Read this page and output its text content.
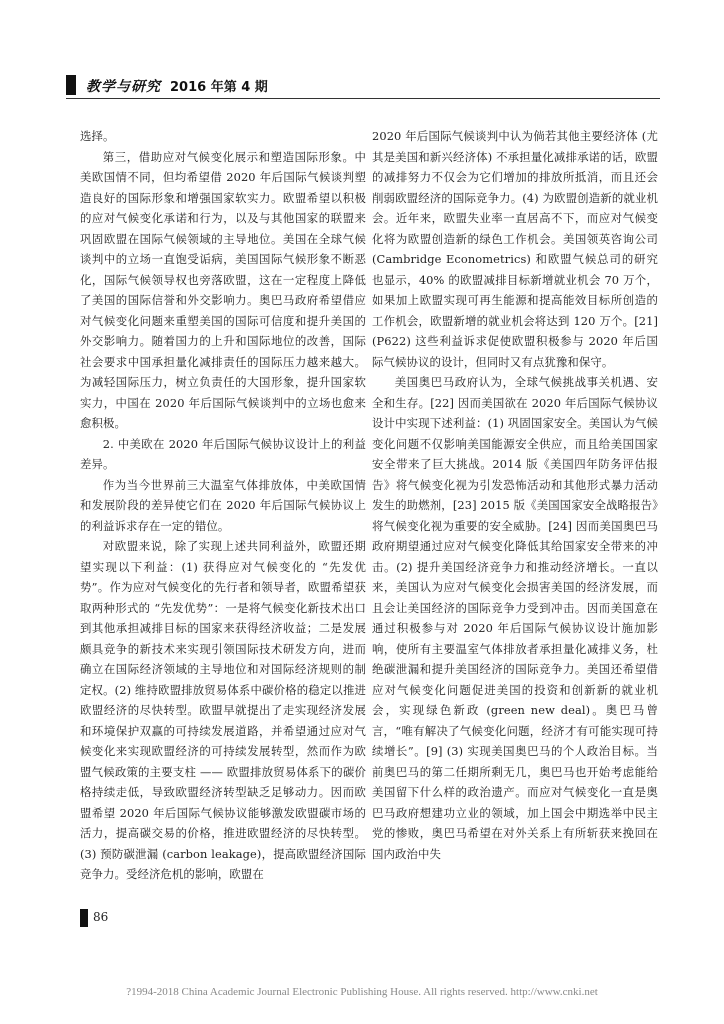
教学与研究 2016 年第 4 期

选择。

第三，借助应对气候变化展示和塑造国际形象。中美欧国情不同，但均希望借 2020 年后国际气候谈判塑造良好的国际形象和增强国家软实力。欧盟希望以积极的应对气候变化承诺和行为，以及与其他国家的联盟来巩固欧盟在国际气候领域的主导地位。美国在全球气候谈判中的立场一直饱受诟病，美国国际气候形象不断恶化，国际气候领导权也旁落欧盟，这在一定程度上降低了美国的国际信誉和外交影响力。奥巴马政府希望借应对气候变化问题来重塑美国的国际可信度和提升美国的外交影响力。随着国力的上升和国际地位的改善，国际社会要求中国承担量化减排责任的国际压力越来越大。为减轻国际压力，树立负责任的大国形象，提升国家软实力，中国在 2020 年后国际气候谈判中的立场也愈来愈积极。

2. 中美欧在 2020 年后国际气候协议设计上的利益差异。

作为当今世界前三大温室气体排放体，中美欧国情和发展阶段的差异使它们在 2020 年后国际气候协议上的利益诉求存在一定的错位。

对欧盟来说，除了实现上述共同利益外，欧盟还期望实现以下利益：(1) 获得应对气候变化的 “先发优势”。作为应对气候变化的先行者和领导者，欧盟希望获取两种形式的 “先发优势”：一是将气候变化新技术出口到其他承担减排目标的国家来获得经济收益；二是发展颇具竞争的新技术来实现引领国际技术研发方向，进而确立在国际经济领域的主导地位和对国际经济规则的制定权。(2) 维持欧盟排放贸易体系中碳价格的稳定以推进欧盟经济的尽快转型。欧盟早就提出了走实现经济发展和环境保护双赢的可持续发展道路，并希望通过应对气候变化来实现欧盟经济的可持续发展转型，然而作为欧盟气候政策的主要支柱 —— 欧盟排放贸易体系下的碳价格持续走低，导致欧盟经济转型缺乏足够动力。因而欧盟希望 2020 年后国际气候协议能够激发欧盟碳市场的活力，提高碳交易的价格，推进欧盟经济的尽快转型。(3) 预防碳泄漏 (carbon leakage)，提高欧盟经济国际竞争力。受经济危机的影响，欧盟在

2020 年后国际气候谈判中认为倘若其他主要经济体 (尤其是美国和新兴经济体) 不承担量化减排承诺的话，欧盟的减排努力不仅会为它们增加的排放所抵消，而且还会削弱欧盟经济的国际竞争力。(4) 为欧盟创造新的就业机会。近年来，欧盟失业率一直居高不下，而应对气候变化将为欧盟创造新的绿色工作机会。美国领英咨询公司 (Cambridge Econometrics) 和欧盟气候总司的研究也显示，40% 的欧盟减排目标新增就业机会 70 万个，如果加上欧盟实现可再生能源和提高能效目标所创造的工作机会，欧盟新增的就业机会将达到 120 万个。[21](P622) 这些利益诉求促使欧盟积极参与 2020 年后国际气候协议的设计，但同时又有点犹豫和保守。

美国奥巴马政府认为，全球气候挑战事关机遇、安全和生存。[22] 因而美国欲在 2020 年后国际气候协议设计中实现下述利益：(1) 巩固国家安全。美国认为气候变化问题不仅影响美国能源安全供应，而且给美国国家安全带来了巨大挑战。2014 版《美国四年防务评估报告》将气候变化视为引发恐怖活动和其他形式暴力活动发生的助燃剂，[23] 2015 版《美国国家安全战略报告》将气候变化视为重要的安全威胁。[24] 因而美国奥巴马政府期望通过应对气候变化降低其给国家安全带来的冲击。(2) 提升美国经济竞争力和推动经济增长。一直以来，美国认为应对气候变化会损害美国的经济发展，而且会让美国经济的国际竞争力受到冲击。因而美国意在通过积极参与对 2020 年后国际气候协议设计施加影响，使所有主要温室气体排放者承担量化减排义务，杜绝碳泄漏和提升美国经济的国际竞争力。美国还希望借应对气候变化问题促进美国的投资和创新新的就业机会，实现绿色新政 (green new deal)。奥巴马曾言，“唯有解决了气候变化问题，经济才有可能实现可持续增长”。[9] (3) 实现美国奥巴马的个人政治目标。当前奥巴马的第二任期所剩无几，奥巴马也开始考虑能给美国留下什么样的政治遗产。而应对气候变化一直是奥巴马政府想建功立业的领域，加上国会中期选举中民主党的惨败，奥巴马希望在对外关系上有所斩获来挽回在国内政治中失

86
?1994-2018 China Academic Journal Electronic Publishing House. All rights reserved. http://www.cnki.net
